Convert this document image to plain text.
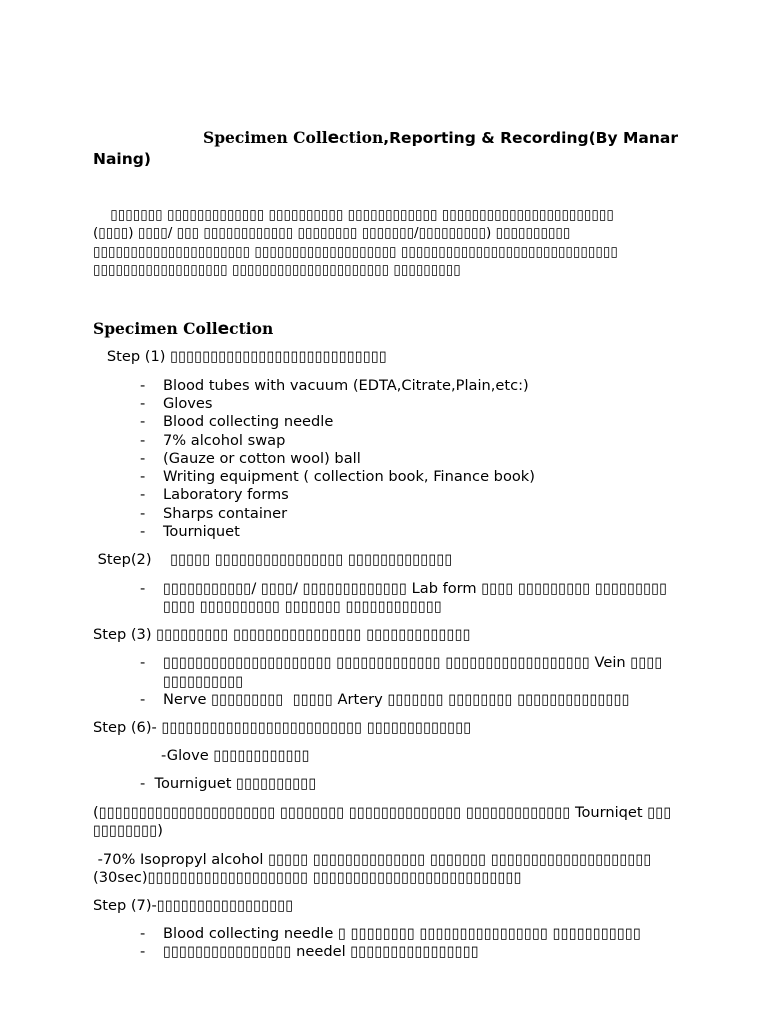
Specimen Collection,Reporting & Recording(By Manar
Naing)
▯▯▯▯▯▯▯ ▯▯▯▯▯▯▯▯▯▯▯▯▯ ▯▯▯▯▯▯▯▯▯▯ ▯▯▯▯▯▯▯▯▯▯▯▯ ▯▯▯▯▯▯▯▯▯▯▯▯▯▯▯▯▯▯▯▯▯▯▯
(▯▯▯▯) ▯▯▯▯/ ▯▯▯ ▯▯▯▯▯▯▯▯▯▯▯▯ ▯▯▯▯▯▯▯▯ ▯▯▯▯▯▯▯/▯▯▯▯▯▯▯▯▯) ▯▯▯▯▯▯▯▯▯▯
▯▯▯▯▯▯▯▯▯▯▯▯▯▯▯▯▯▯▯▯▯ ▯▯▯▯▯▯▯▯▯▯▯▯▯▯▯▯▯▯▯ ▯▯▯▯▯▯▯▯▯▯▯▯▯▯▯▯▯▯▯▯▯▯▯▯▯▯▯▯▯
▯▯▯▯▯▯▯▯▯▯▯▯▯▯▯▯▯▯ ▯▯▯▯▯▯▯▯▯▯▯▯▯▯▯▯▯▯▯▯▯ ▯▯▯▯▯▯▯▯▯
Specimen Collection
Step (1) ▯▯▯▯▯▯▯▯▯▯▯▯▯▯▯▯▯▯▯▯▯▯▯▯▯▯▯
- Blood tubes with vacuum (EDTA,Citrate,Plain,etc:)
- Gloves
- Blood collecting needle
- 7% alcohol swap
- (Gauze or cotton wool) ball
- Writing equipment ( collection book, Finance book)
- Laboratory forms
- Sharps container
- Tourniquet
Step(2)    ▯▯▯▯▯ ▯▯▯▯▯▯▯▯▯▯▯▯▯▯▯▯ ▯▯▯▯▯▯▯▯▯▯▯▯▯
- ▯▯▯▯▯▯▯▯▯▯▯/ ▯▯▯▯/ ▯▯▯▯▯▯▯▯▯▯▯▯▯ Lab form ▯▯▯▯ ▯▯▯▯▯▯▯▯▯ ▯▯▯▯▯▯▯▯▯
▯▯▯▯ ▯▯▯▯▯▯▯▯▯▯ ▯▯▯▯▯▯▯ ▯▯▯▯▯▯▯▯▯▯▯▯
Step (3) ▯▯▯▯▯▯▯▯▯ ▯▯▯▯▯▯▯▯▯▯▯▯▯▯▯▯ ▯▯▯▯▯▯▯▯▯▯▯▯▯
- ▯▯▯▯▯▯▯▯▯▯▯▯▯▯▯▯▯▯▯▯▯ ▯▯▯▯▯▯▯▯▯▯▯▯▯ ▯▯▯▯▯▯▯▯▯▯▯▯▯▯▯▯▯▯ Vein ▯▯▯▯
▯▯▯▯▯▯▯▯▯▯
- Nerve ▯▯▯▯▯▯▯▯▯  ▯▯▯▯▯ Artery ▯▯▯▯▯▯▯ ▯▯▯▯▯▯▯▯ ▯▯▯▯▯▯▯▯▯▯▯▯▯▯
Step (6)- ▯▯▯▯▯▯▯▯▯▯▯▯▯▯▯▯▯▯▯▯▯▯▯▯▯ ▯▯▯▯▯▯▯▯▯▯▯▯▯
-Glove ▯▯▯▯▯▯▯▯▯▯▯▯
-  Tourniguet ▯▯▯▯▯▯▯▯▯▯
(▯▯▯▯▯▯▯▯▯▯▯▯▯▯▯▯▯▯▯▯▯▯ ▯▯▯▯▯▯▯▯ ▯▯▯▯▯▯▯▯▯▯▯▯▯▯ ▯▯▯▯▯▯▯▯▯▯▯▯▯ Tourniqet ▯▯▯
▯▯▯▯▯▯▯▯)
-70% Isopropyl alcohol ▯▯▯▯▯ ▯▯▯▯▯▯▯▯▯▯▯▯▯▯ ▯▯▯▯▯▯▯ ▯▯▯▯▯▯▯▯▯▯▯▯▯▯▯▯▯▯▯▯
(30sec)▯▯▯▯▯▯▯▯▯▯▯▯▯▯▯▯▯▯▯▯ ▯▯▯▯▯▯▯▯▯▯▯▯▯▯▯▯▯▯▯▯▯▯▯▯▯▯
Step (7)-▯▯▯▯▯▯▯▯▯▯▯▯▯▯▯▯▯
- Blood collecting needle ▯ ▯▯▯▯▯▯▯▯ ▯▯▯▯▯▯▯▯▯▯▯▯▯▯▯▯ ▯▯▯▯▯▯▯▯▯▯▯
- ▯▯▯▯▯▯▯▯▯▯▯▯▯▯▯▯ needel ▯▯▯▯▯▯▯▯▯▯▯▯▯▯▯▯
